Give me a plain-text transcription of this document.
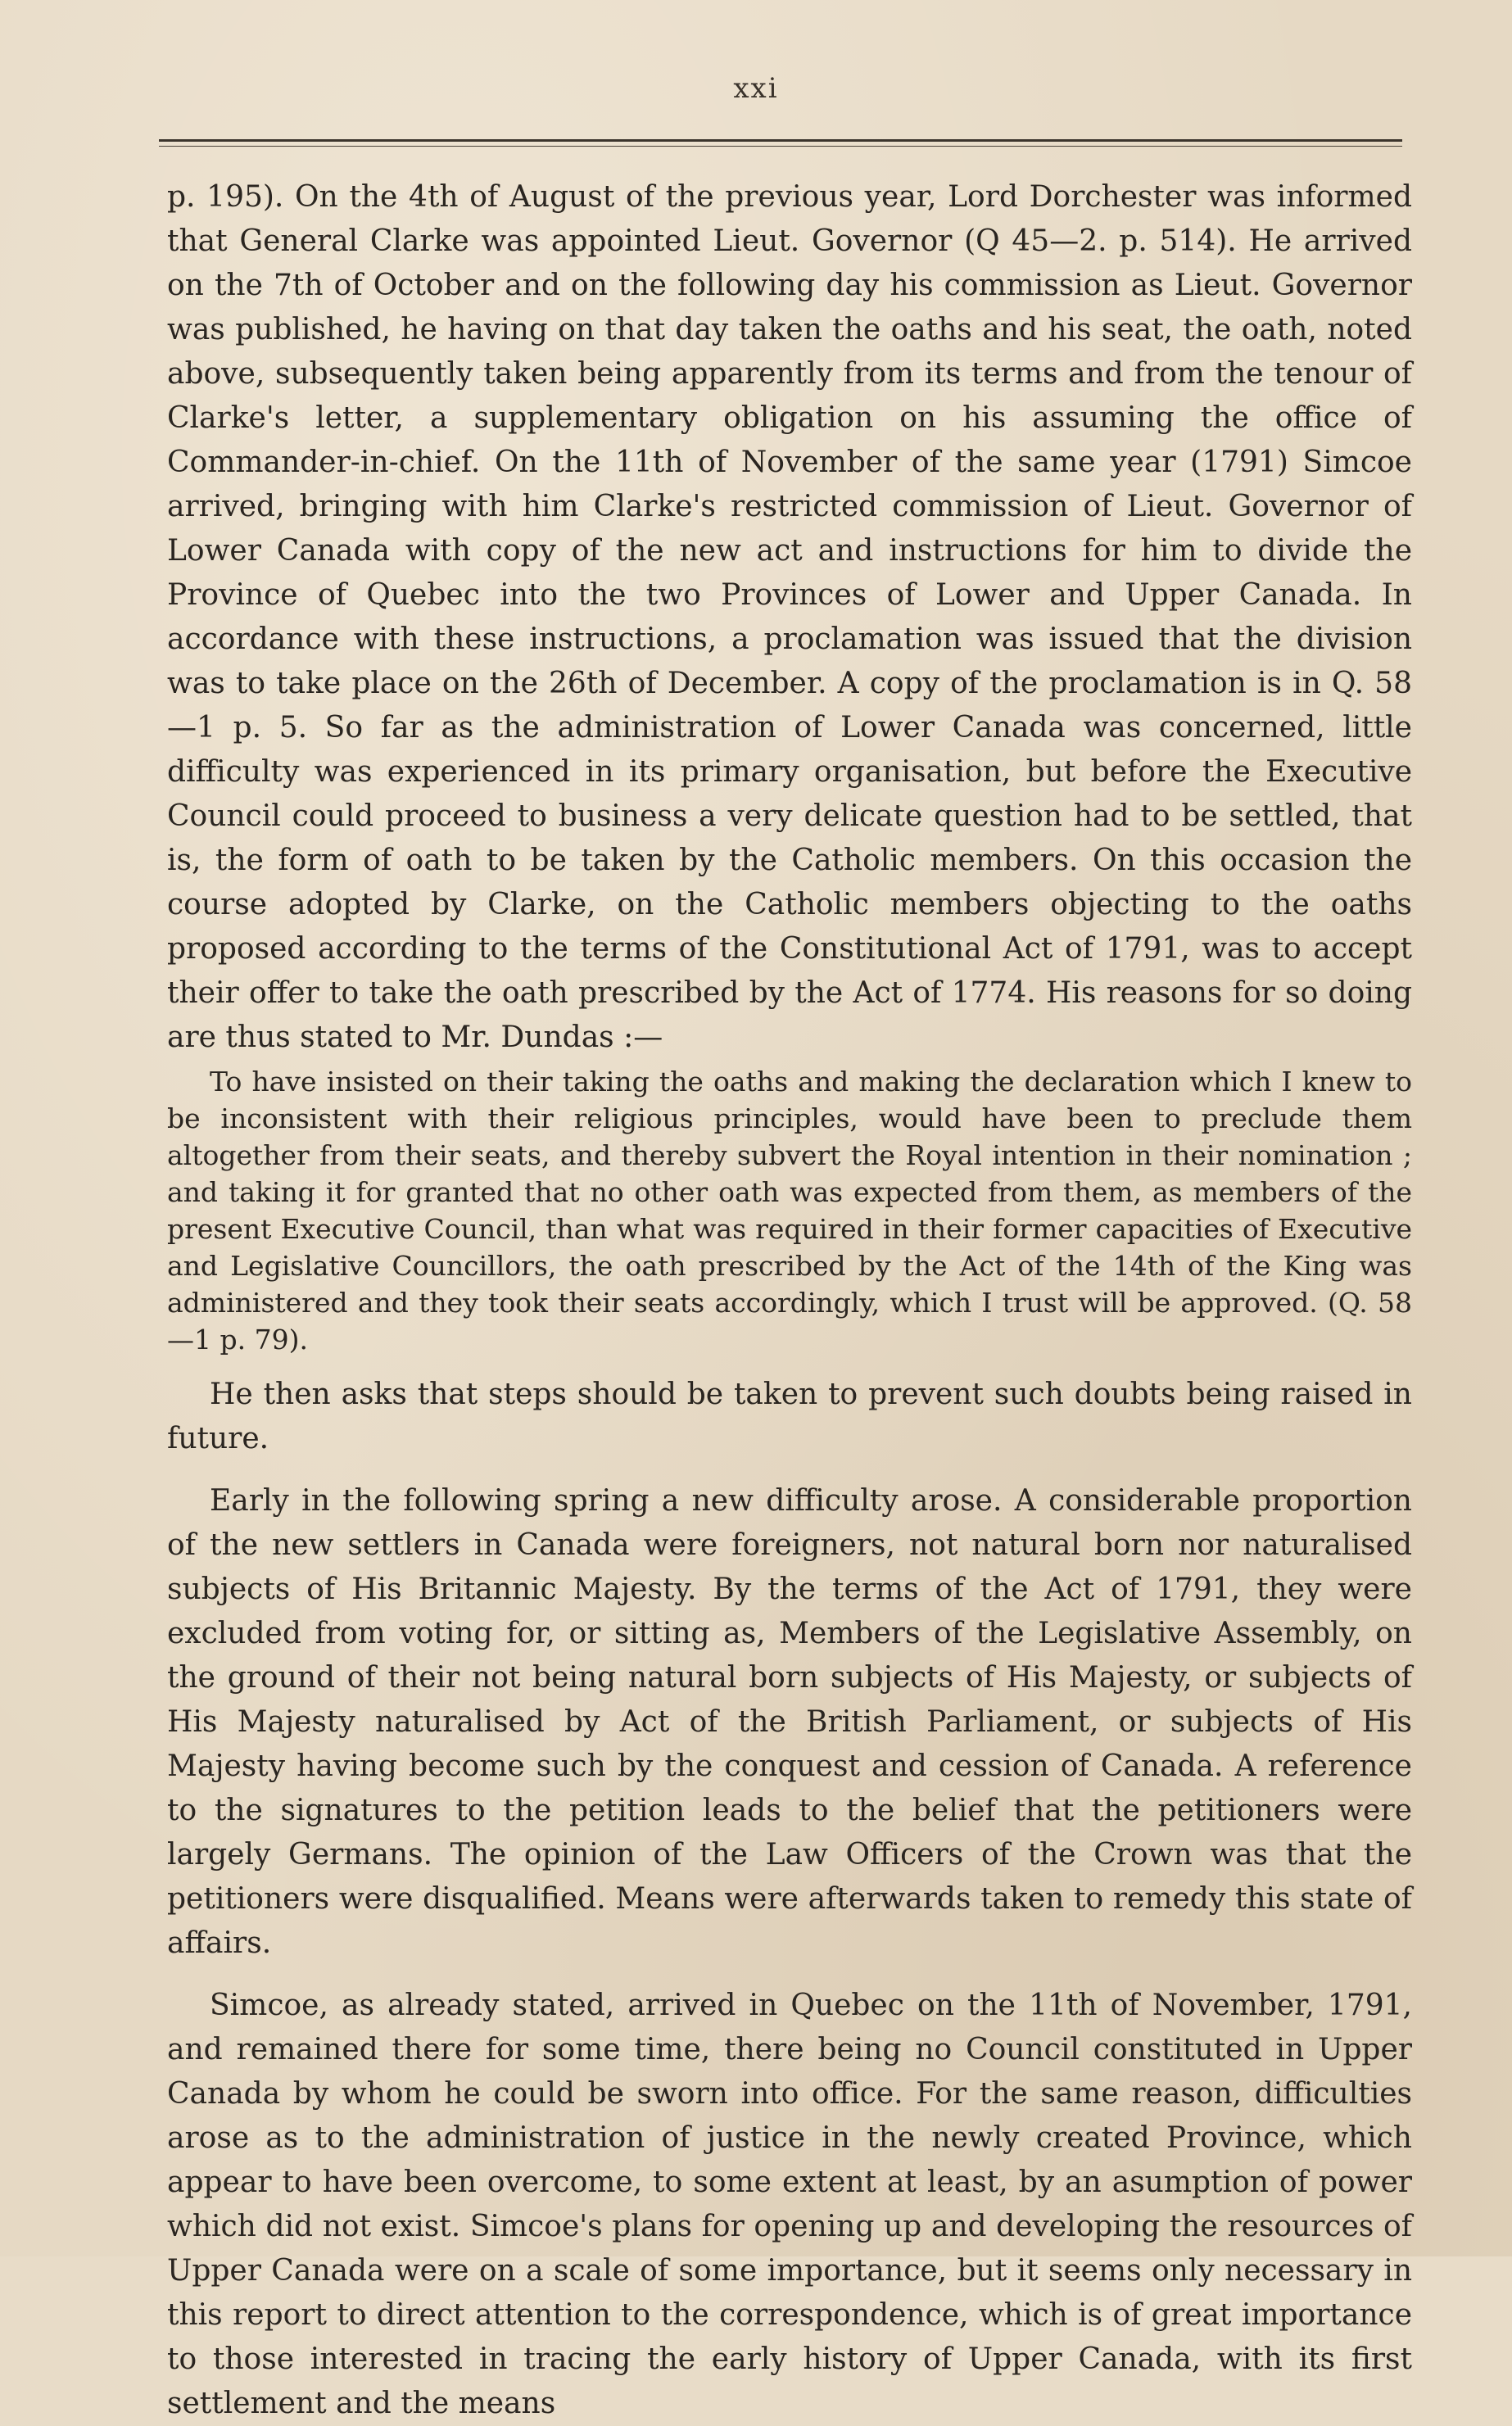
xxi

p. 195). On the 4th of August of the previous year, Lord Dorchester was informed that General Clarke was appointed Lieut. Governor (Q 45—2. p. 514). He arrived on the 7th of October and on the following day his commission as Lieut. Governor was published, he having on that day taken the oaths and his seat, the oath, noted above, subsequently taken being apparently from its terms and from the tenour of Clarke's letter, a supplementary obligation on his assuming the office of Commander-in-chief. On the 11th of November of the same year (1791) Simcoe arrived, bringing with him Clarke's restricted commission of Lieut. Governor of Lower Canada with copy of the new act and instructions for him to divide the Province of Quebec into the two Provinces of Lower and Upper Canada. In accordance with these instructions, a proclamation was issued that the division was to take place on the 26th of December. A copy of the proclamation is in Q. 58—1 p. 5. So far as the administration of Lower Canada was concerned, little difficulty was experienced in its primary organisation, but before the Executive Council could proceed to business a very delicate question had to be settled, that is, the form of oath to be taken by the Catholic members. On this occasion the course adopted by Clarke, on the Catholic members objecting to the oaths proposed according to the terms of the Constitutional Act of 1791, was to accept their offer to take the oath prescribed by the Act of 1774. His reasons for so doing are thus stated to Mr. Dundas :—

To have insisted on their taking the oaths and making the declaration which I knew to be inconsistent with their religious principles, would have been to preclude them altogether from their seats, and thereby subvert the Royal intention in their nomination ; and taking it for granted that no other oath was expected from them, as members of the present Executive Council, than what was required in their former capacities of Executive and Legislative Councillors, the oath prescribed by the Act of the 14th of the King was administered and they took their seats accordingly, which I trust will be approved. (Q. 58—1 p. 79).

He then asks that steps should be taken to prevent such doubts being raised in future.

Early in the following spring a new difficulty arose. A considerable proportion of the new settlers in Canada were foreigners, not natural born nor naturalised subjects of His Britannic Majesty. By the terms of the Act of 1791, they were excluded from voting for, or sitting as, Members of the Legislative Assembly, on the ground of their not being natural born subjects of His Majesty, or subjects of His Majesty naturalised by Act of the British Parliament, or subjects of His Majesty having become such by the conquest and cession of Canada. A reference to the signatures to the petition leads to the belief that the petitioners were largely Germans. The opinion of the Law Officers of the Crown was that the petitioners were disqualified. Means were afterwards taken to remedy this state of affairs.

Simcoe, as already stated, arrived in Quebec on the 11th of November, 1791, and remained there for some time, there being no Council constituted in Upper Canada by whom he could be sworn into office. For the same reason, difficulties arose as to the administration of justice in the newly created Province, which appear to have been overcome, to some extent at least, by an asumption of power which did not exist. Simcoe's plans for opening up and developing the resources of Upper Canada were on a scale of some importance, but it seems only necessary in this report to direct attention to the correspondence, which is of great importance to those interested in tracing the early history of Upper Canada, with its first settlement and the means
